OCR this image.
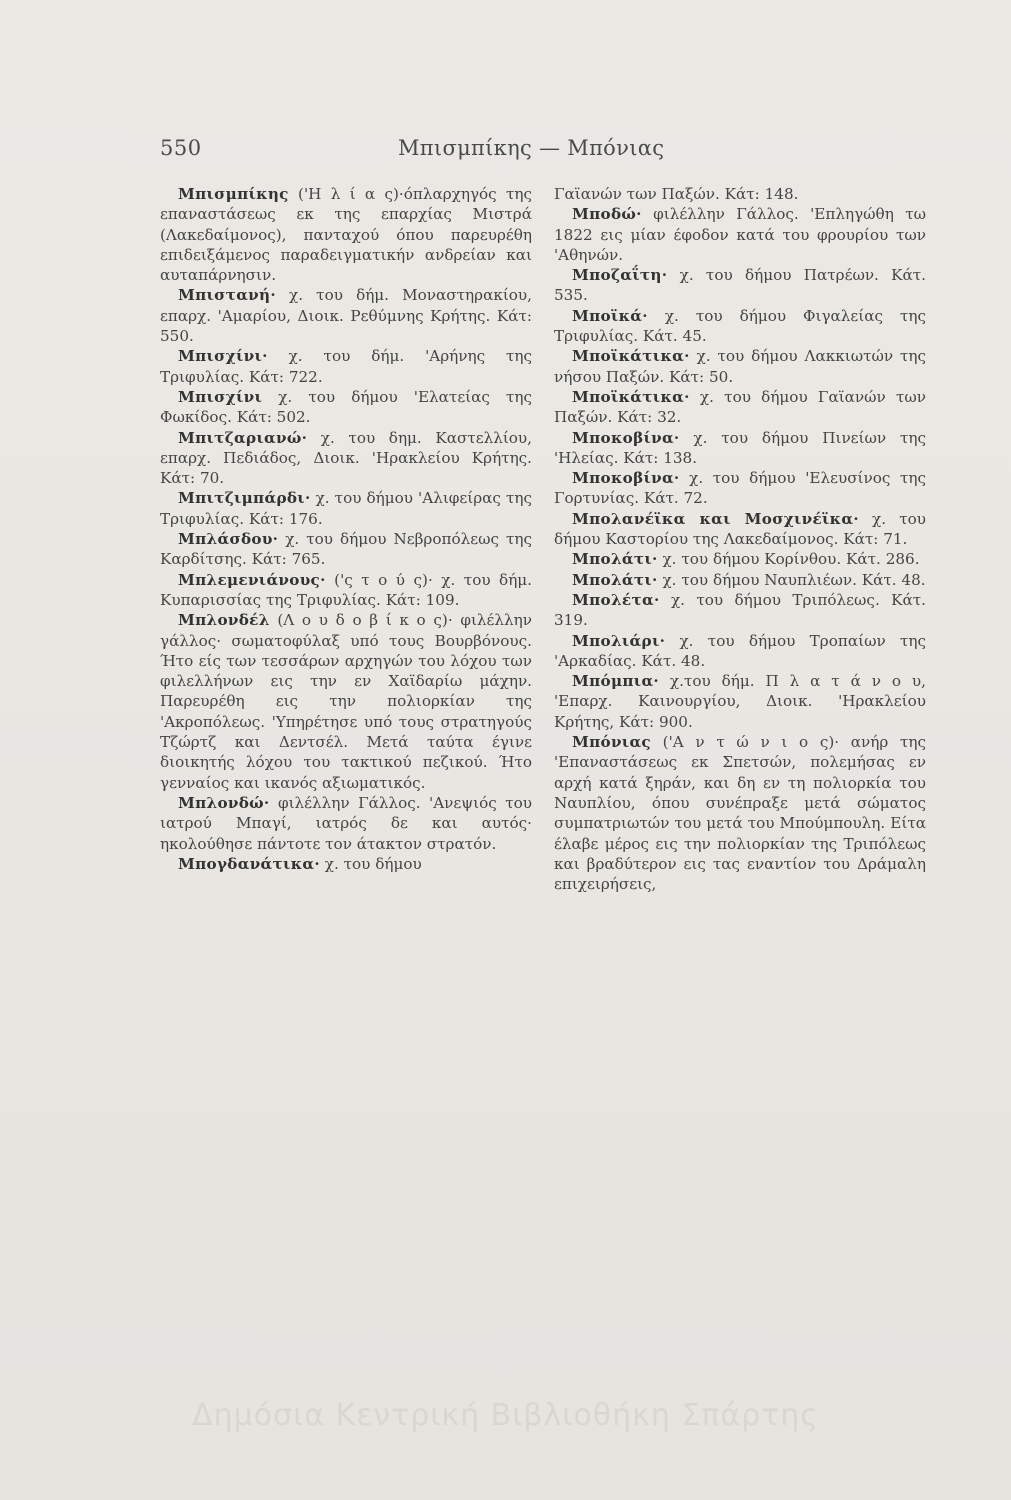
550	Μπισμπίκης — Μπόνιας

Μπισμπίκης ('Η λ ί α ς)·όπλαρχηγός της επαναστάσεως εκ της επαρχίας Μιστρά (Λακεδαίμονος), πανταχού όπου παρευρέθη επιδειξάμενος παραδειγματικήν ανδρείαν και αυταπάρνησιν.

Μπιστανή· χ. του δήμ. Μοναστηρακίου, επαρχ. 'Αμαρίου, Διοικ. Ρεθύμνης Κρήτης. Κάτ: 550.

Μπισχίνι· χ. του δήμ. 'Αρήνης της Τριφυλίας. Κάτ: 722.

Μπισχίνι χ. του δήμου 'Ελατείας της Φωκίδος. Κάτ: 502.

Μπιτζαριανώ· χ. του δημ. Καστελλίου, επαρχ. Πεδιάδος, Διοικ. 'Ηρακλείου Κρήτης. Κάτ: 70.

Μπιτζιμπάρδι· χ. του δήμου 'Αλιφείρας της Τριφυλίας. Κάτ: 176.

Μπλάσδου· χ. του δήμου Νεβροπόλεως της Καρδίτσης. Κάτ: 765.

Μπλεμενιάνους· ('ς τ ο ύ ς)· χ. του δήμ. Κυπαρισσίας της Τριφυλίας. Κάτ: 109.

Μπλονδέλ (Λ ο υ δ ο β ί κ ο ς)· φιλέλλην γάλλος· σωματοφύλαξ υπό τους Βουρβόνους. Ήτο είς των τεσσάρων αρχηγών του λόχου των φιλελλήνων εις την εν Χαϊδαρίω μάχην. Παρευρέθη εις την πολιορκίαν της 'Ακροπόλεως. 'Υπηρέτησε υπό τους στρατηγούς Τζώρτζ και Δεντσέλ. Μετά ταύτα έγινε διοικητής λόχου του τακτικού πεζικού. Ήτο γενναίος και ικανός αξιωματικός.

Μπλονδώ· φιλέλλην Γάλλος. 'Ανεψιός του ιατρού Μπαγί, ιατρός δε και αυτός· ηκολούθησε πάντοτε τον άτακτον στρατόν.

Μπογδανάτικα· χ. του δήμου

Γαϊανών των Παξών. Κάτ: 148.

Μποδώ· φιλέλλην Γάλλος. 'Επληγώθη τω 1822 εις μίαν έφοδον κατά του φρουρίου των 'Αθηνών.

Μποζαΐτη· χ. του δήμου Πατρέων. Κάτ. 535.

Μποϊκά· χ. του δήμου Φιγαλείας της Τριφυλίας. Κάτ. 45.

Μποϊκάτικα· χ. του δήμου Λακκιωτών της νήσου Παξών. Κάτ: 50.

Μποϊκάτικα· χ. του δήμου Γαϊανών των Παξών. Κάτ: 32.

Μποκοβίνα· χ. του δήμου Πινείων της 'Ηλείας. Κάτ: 138.

Μποκοβίνα· χ. του δήμου 'Ελευσίνος της Γορτυνίας. Κάτ. 72.

Μπολανέϊκα και Μοσχινέϊκα· χ. του δήμου Καστορίου της Λακεδαίμονος. Κάτ: 71.

Μπολάτι· χ. του δήμου Κορίνθου. Κάτ. 286.

Μπολάτι· χ. του δήμου Ναυπλιέων. Κάτ. 48.

Μπολέτα· χ. του δήμου Τριπόλεως. Κάτ. 319.

Μπολιάρι· χ. του δήμου Τροπαίων της 'Αρκαδίας. Κάτ. 48.

Μπόμπια· χ.του δήμ. Π λ α τ ά ν ο υ, 'Επαρχ. Καινουργίου, Διοικ. 'Ηρακλείου Κρήτης, Κάτ: 900.

Μπόνιας ('Α ν τ ώ ν ι ο ς)· ανήρ της 'Επαναστάσεως εκ Σπετσών, πολεμήσας εν αρχή κατά ξηράν, και δη εν τη πολιορκία του Ναυπλίου, όπου συνέπραξε μετά σώματος συμπατριωτών του μετά του Μπούμπουλη. Είτα έλαβε μέρος εις την πολιορκίαν της Τριπόλεως και βραδύτερον εις τας εναντίον του Δράμαλη επιχειρήσεις,

Δημόσια Κεντρική Βιβλιοθήκη Σπάρτης
